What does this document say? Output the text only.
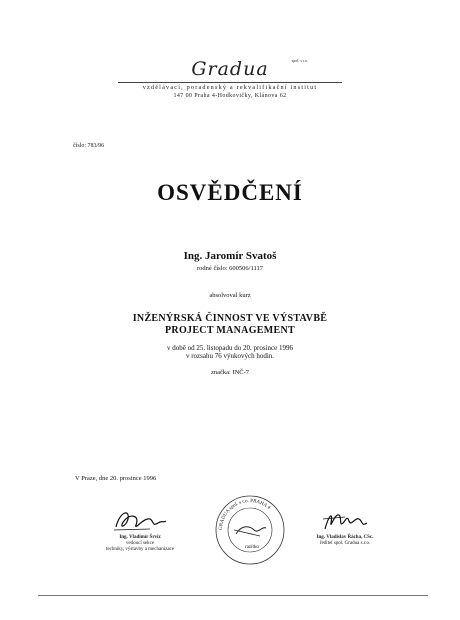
Gradua	spol. s r.o.
vzdělávací, poradenský a rekvalifikační institut
147 00 Praha 4-Hodkovičky, Klánova 62
číslo: 783/96
OSVĚDČENÍ
Ing. Jaromír Svatoš
rodné číslo: 600506/1117
absolvoval kurz
INŽENÝRSKÁ ČINNOST VE VÝSTAVBĚ
PROJECT MANAGEMENT
v době od 25. listopadu do 20. prosince 1996
v rozsahu 76 výukových hodin.
značka: INČ-7
V Praze, dne 20. prosince 1996
Ing. Vladimír Šrvíz
vedoucí sekce
techniky, výstavby a mechanizace
GRADUA spol. s r.o. PRAHA 4
razítko
Ing. Vladislav Řácha, CSc.
ředitel spol. Gradua s.r.o.
